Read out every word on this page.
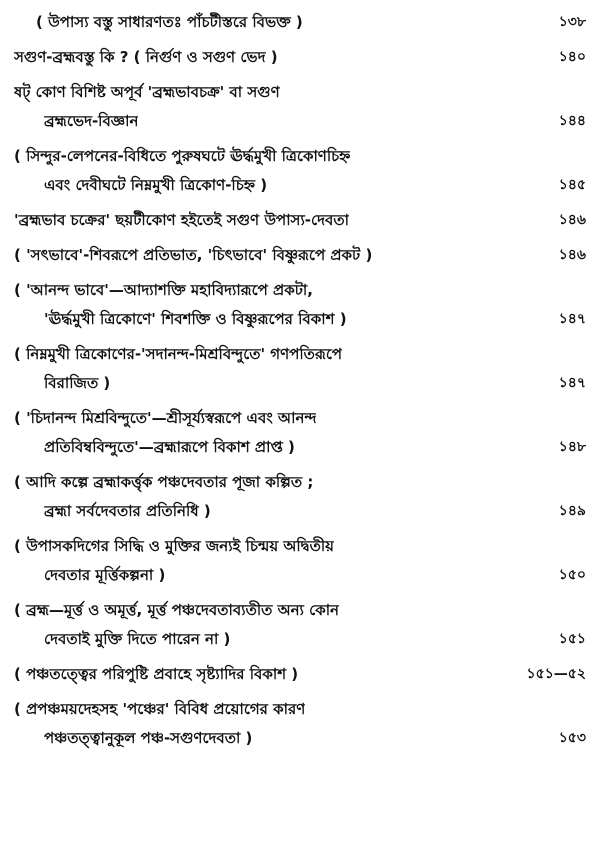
( উপাস্য বস্তু সাধারণতঃ পাঁচটীস্তরে বিভক্ত )	১৩৮
সগুণ-ব্রহ্মবস্তু কি ? ( নির্গুণ ও সগুণ ভেদ )	১৪০
ষট্ কোণ বিশিষ্ট অপূর্ব 'ব্রহ্মভাবচক্র' বা সগুণ
ব্রহ্মভেদ-বিজ্ঞান	১৪৪
( সিন্দুর-লেপনের-বিধিতে পুরুষঘটে ঊর্দ্ধমুখী ত্রিকোণচিহ্ন
এবং দেবীঘটে নিম্নমুখী ত্রিকোণ-চিহ্ন )	১৪৫
'ব্রহ্মভাব চক্রের' ছয়টীকোণ হইতেই সগুণ উপাস্য-দেবতা	১৪৬
( 'সৎভাবে'-শিবরূপে প্রতিভাত, 'চিৎভাবে' বিষ্ণুরূপে প্রকট )	১৪৬
( 'আনন্দ ভাবে'—আদ্যাশক্তি মহাবিদ্যারূপে প্রকটা,
'ঊর্দ্ধমুখী ত্রিকোণে' শিবশক্তি ও বিষ্ণুরূপের বিকাশ )	১৪৭
( নিম্নমুখী ত্রিকোণের-'সদানন্দ-মিশ্রবিন্দুতে' গণপতিরূপে
বিরাজিত )	১৪৭
( 'চিদানন্দ মিশ্রবিন্দুতে'—শ্রীসূর্য্যস্বরূপে এবং আনন্দ
প্রতিবিম্ববিন্দুতে'—ব্রহ্মারূপে বিকাশ প্রাপ্ত )	১৪৮
( আদি কল্পে ব্রহ্মাকর্ত্তৃক পঞ্চদেবতার পূজা কল্পিত ;
ব্রহ্মা সর্বদেবতার প্রতিনিধি )	১৪৯
( উপাসকদিগের সিদ্ধি ও মুক্তির জন্যই চিন্ময় অদ্বিতীয়
দেবতার মূর্ত্তিকল্পনা )	১৫০
( ব্রহ্ম—মূর্ত্ত ও অমূর্ত্ত, মূর্ত্ত পঞ্চদেবতাব্যতীত অন্য কোন
দেবতাই মুক্তি দিতে পারেন না )	১৫১
( পঞ্চতত্ত্বের পরিপুষ্টি প্রবাহে সৃষ্ট্যাদির বিকাশ )	১৫১—৫২
( প্রপঞ্চময়দেহসহ 'পঞ্চের' বিবিধ প্রয়োগের কারণ
পঞ্চতত্ত্বানুকূল পঞ্চ-সগুণদেবতা )	১৫৩
